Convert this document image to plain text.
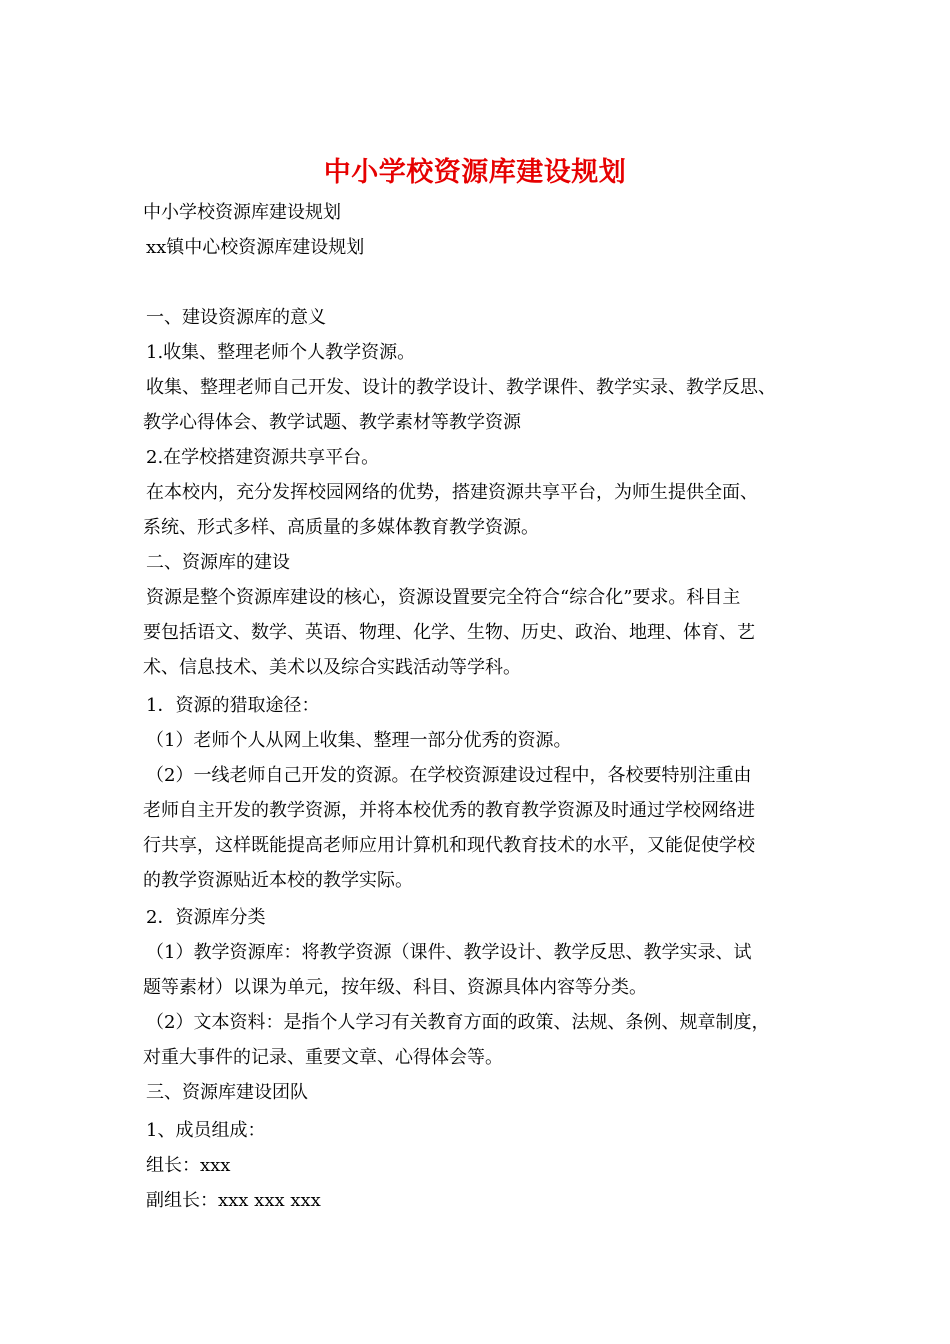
中小学校资源库建设规划
中小学校资源库建设规划
xx镇中心校资源库建设规划
一、建设资源库的意义
1.收集、整理老师个人教学资源。
收集、整理老师自己开发、设计的教学设计、教学课件、教学实录、教学反思、
教学心得体会、教学试题、教学素材等教学资源
2.在学校搭建资源共享平台。
在本校内，充分发挥校园网络的优势，搭建资源共享平台，为师生提供全面、
系统、形式多样、高质量的多媒体教育教学资源。
二、资源库的建设
资源是整个资源库建设的核心，资源设置要完全符合“综合化”要求。科目主
要包括语文、数学、英语、物理、化学、生物、历史、政治、地理、体育、艺
术、信息技术、美术以及综合实践活动等学科。
1．资源的猎取途径：
（1）老师个人从网上收集、整理一部分优秀的资源。
（2）一线老师自己开发的资源。在学校资源建设过程中，各校要特别注重由
老师自主开发的教学资源，并将本校优秀的教育教学资源及时通过学校网络进
行共享，这样既能提高老师应用计算机和现代教育技术的水平，又能促使学校
的教学资源贴近本校的教学实际。
2．资源库分类
（1）教学资源库：将教学资源（课件、教学设计、教学反思、教学实录、试
题等素材）以课为单元，按年级、科目、资源具体内容等分类。
（2）文本资料：是指个人学习有关教育方面的政策、法规、条例、规章制度，
对重大事件的记录、重要文章、心得体会等。
三、资源库建设团队
1、成员组成：
组长：xxx
副组长：xxx xxx xxx
